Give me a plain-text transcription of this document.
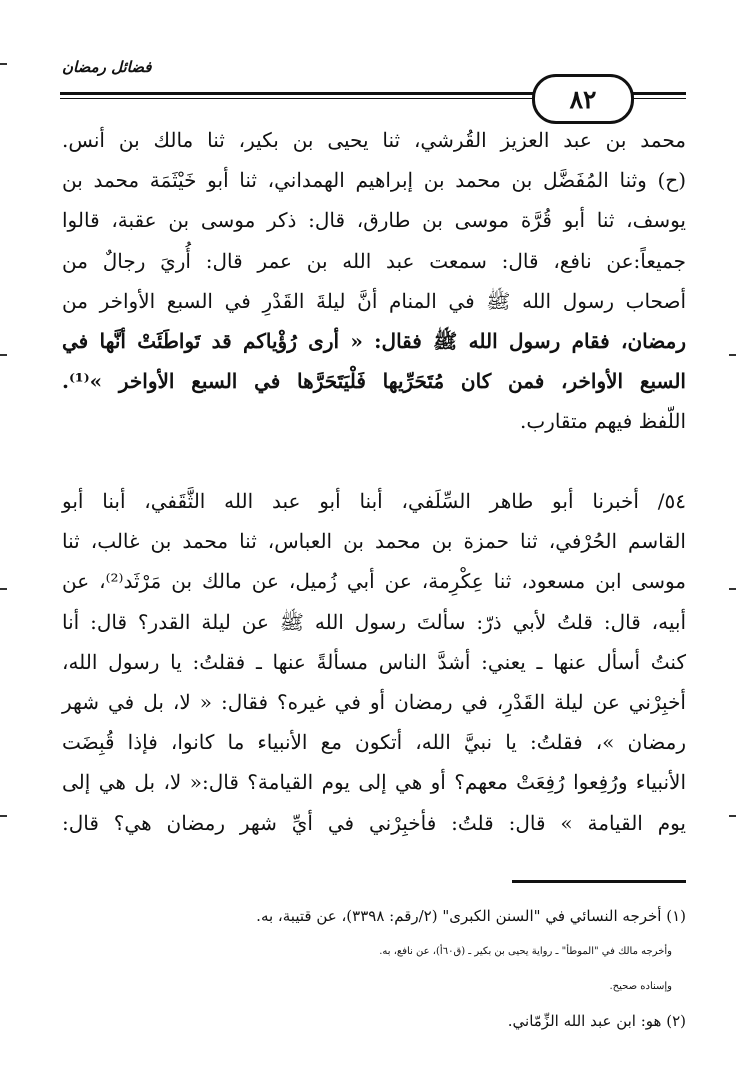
فضائل رمضان
٨٢
محمد بن عبد العزيز القُرشي، ثنا يحيى بن بكير، ثنا مالك بن أنس.
(ح) وثنا المُفَضَّل بن محمد بن إبراهيم الهمداني، ثنا أبو خَيْثَمَة محمد بن
يوسف، ثنا أبو قُرَّة موسى بن طارق، قال: ذكر موسى بن عقبة، قالوا
جميعاً:عن نافع، قال: سمعت عبد الله بن عمر قال: أُريَ رجالٌ من
أصحاب رسول الله ﷺ في المنام أنَّ ليلةَ القَدْرِ في السبع الأواخر من
رمضان، فقام رسول الله ﷺ فقال: « أرى رُؤْياكم قد تَواطَئَتْ أنَّها في
السبع الأواخر، فمن كان مُتَحَرِّيها فَلْيَتَحَرَّها في السبع الأواخر »⁽¹⁾.
اللّفظ فيهم متقارب.
٥٤/ أخبرنا أبو طاهر السِّلَفي، أبنا أبو عبد الله الثَّقَفي، أبنا أبو
القاسم الحُرْفي، ثنا حمزة بن محمد بن العباس، ثنا محمد بن غالب، ثنا
موسى ابن مسعود، ثنا عِكْرِمة، عن أبي زُميل، عن مالك بن مَرْثَد⁽²⁾، عن
أبيه، قال: قلتُ لأبي ذرّ: سألتَ رسول الله ﷺ عن ليلة القدر؟ قال: أنا
كنتُ أسأل عنها ـ يعني: أشدَّ الناس مسألةً عنها ـ فقلتُ: يا رسول الله،
أخبِرْني عن ليلة القَدْرِ، في رمضان أو في غيره؟ فقال: « لا، بل في شهر
رمضان »، فقلتُ: يا نبيَّ الله، أتكون مع الأنبياء ما كانوا، فإذا قُبِضَت
الأنبياء ورُفِعوا رُفِعَتْ معهم؟ أو هي إلى يوم القيامة؟ قال:« لا، بل هي إلى
يوم القيامة » قال: قلتُ: فأخبِرْني في أيِّ شهر رمضان هي؟ قال:
(١) أخرجه النسائي في "السنن الكبرى" (٢/رقم: ٣٣٩٨)، عن قتيبة، به.
وأخرجه مالك في "الموطأ" ـ رواية يحيى بن بكير ـ (ق٦٠أ)، عن نافع، به.
وإسناده صحيح.
(٢) هو: ابن عبد الله الزِّمّاني.
